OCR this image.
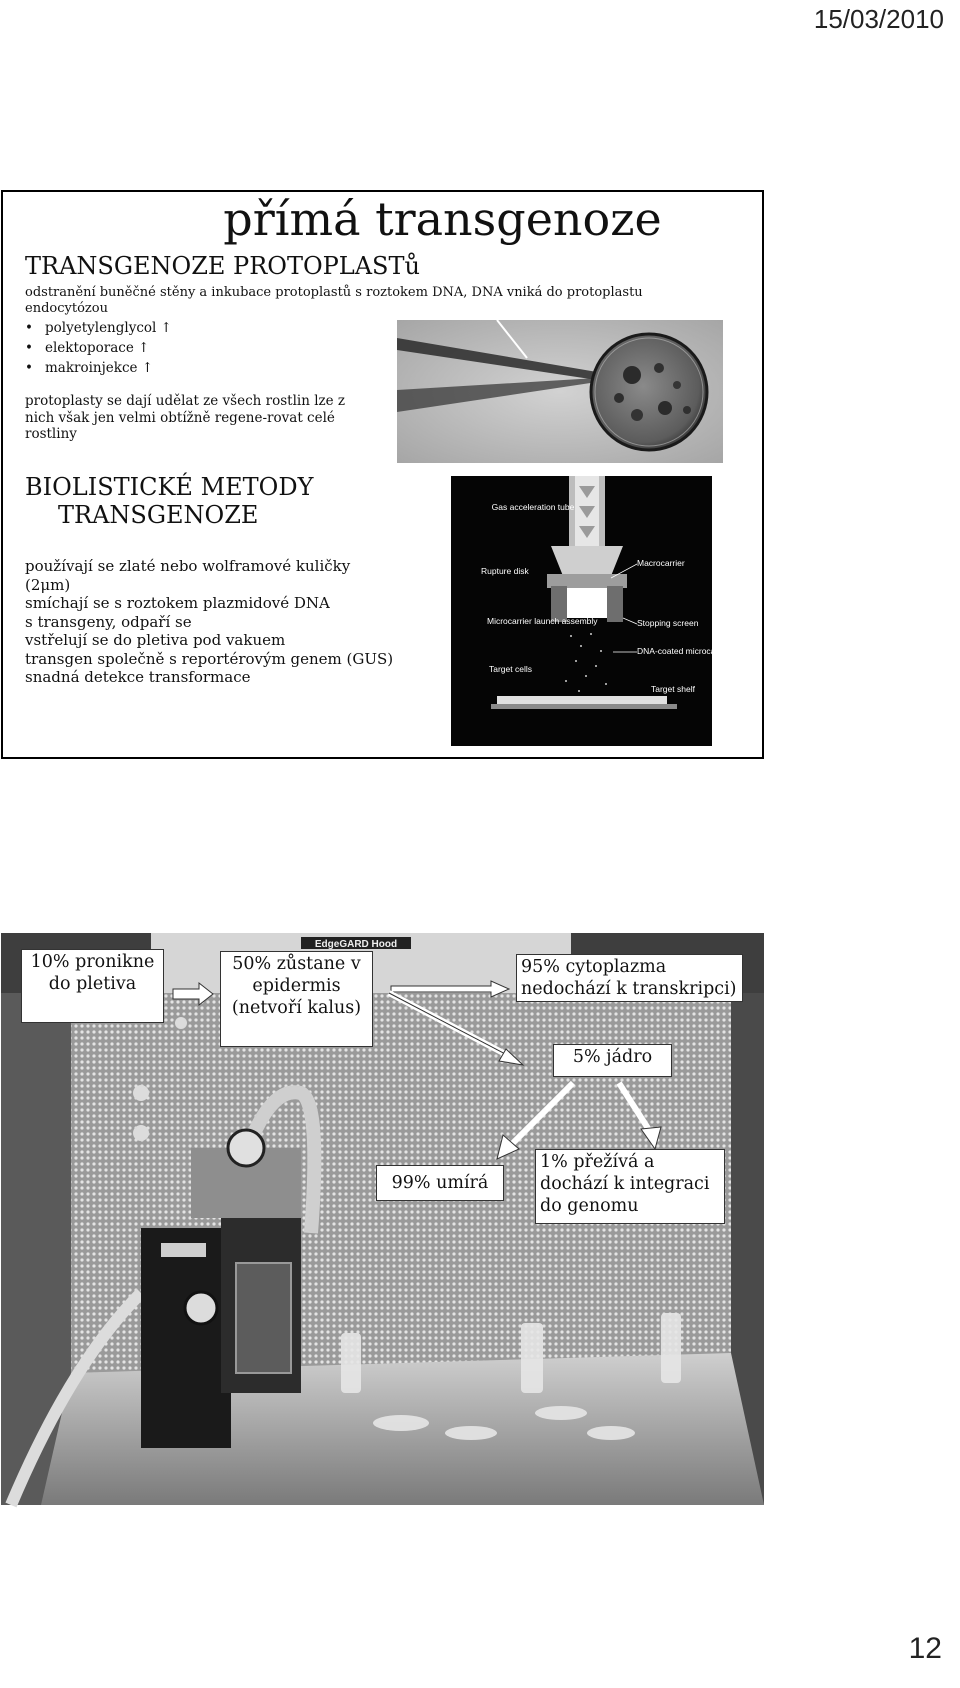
15/03/2010
přímá transgenoze
TRANSGENOZE PROTOPLASTů
odstranění buněčné stěny a inkubace protoplastů s roztokem DNA, DNA vniká do protoplastu endocytózou
• polyetylenglycol ↑
• elektoporace ↑
• makroinjekce ↑
protoplasty se dají udělat ze všech rostlin lze z nich však jen velmi obtížně regene-rovat celé rostliny
BIOLISTICKÉ METODY
TRANSGENOZE
používají se zlaté nebo wolframové kuličky
(2μm)
smíchají se s roztokem plazmidové DNA
s transgeny, odpaří se
vstřelují se do pletiva pod vakuem
transgen společně s reportérovým genem (GUS)
snadná detekce transformace
Gas acceleration tube
Rupture disk
Macrocarrier
Microcarrier launch assembly	Stopping screen
DNA-coated microcarriers
Target cells
Target shelf
EdgeGARD Hood
10% pronikne do pletiva
50% zůstane v epidermis (netvoří kalus)
95% cytoplazma nedochází k transkripci)
5% jádro
99% umírá
1% přežívá a dochází k integraci do genomu
12
